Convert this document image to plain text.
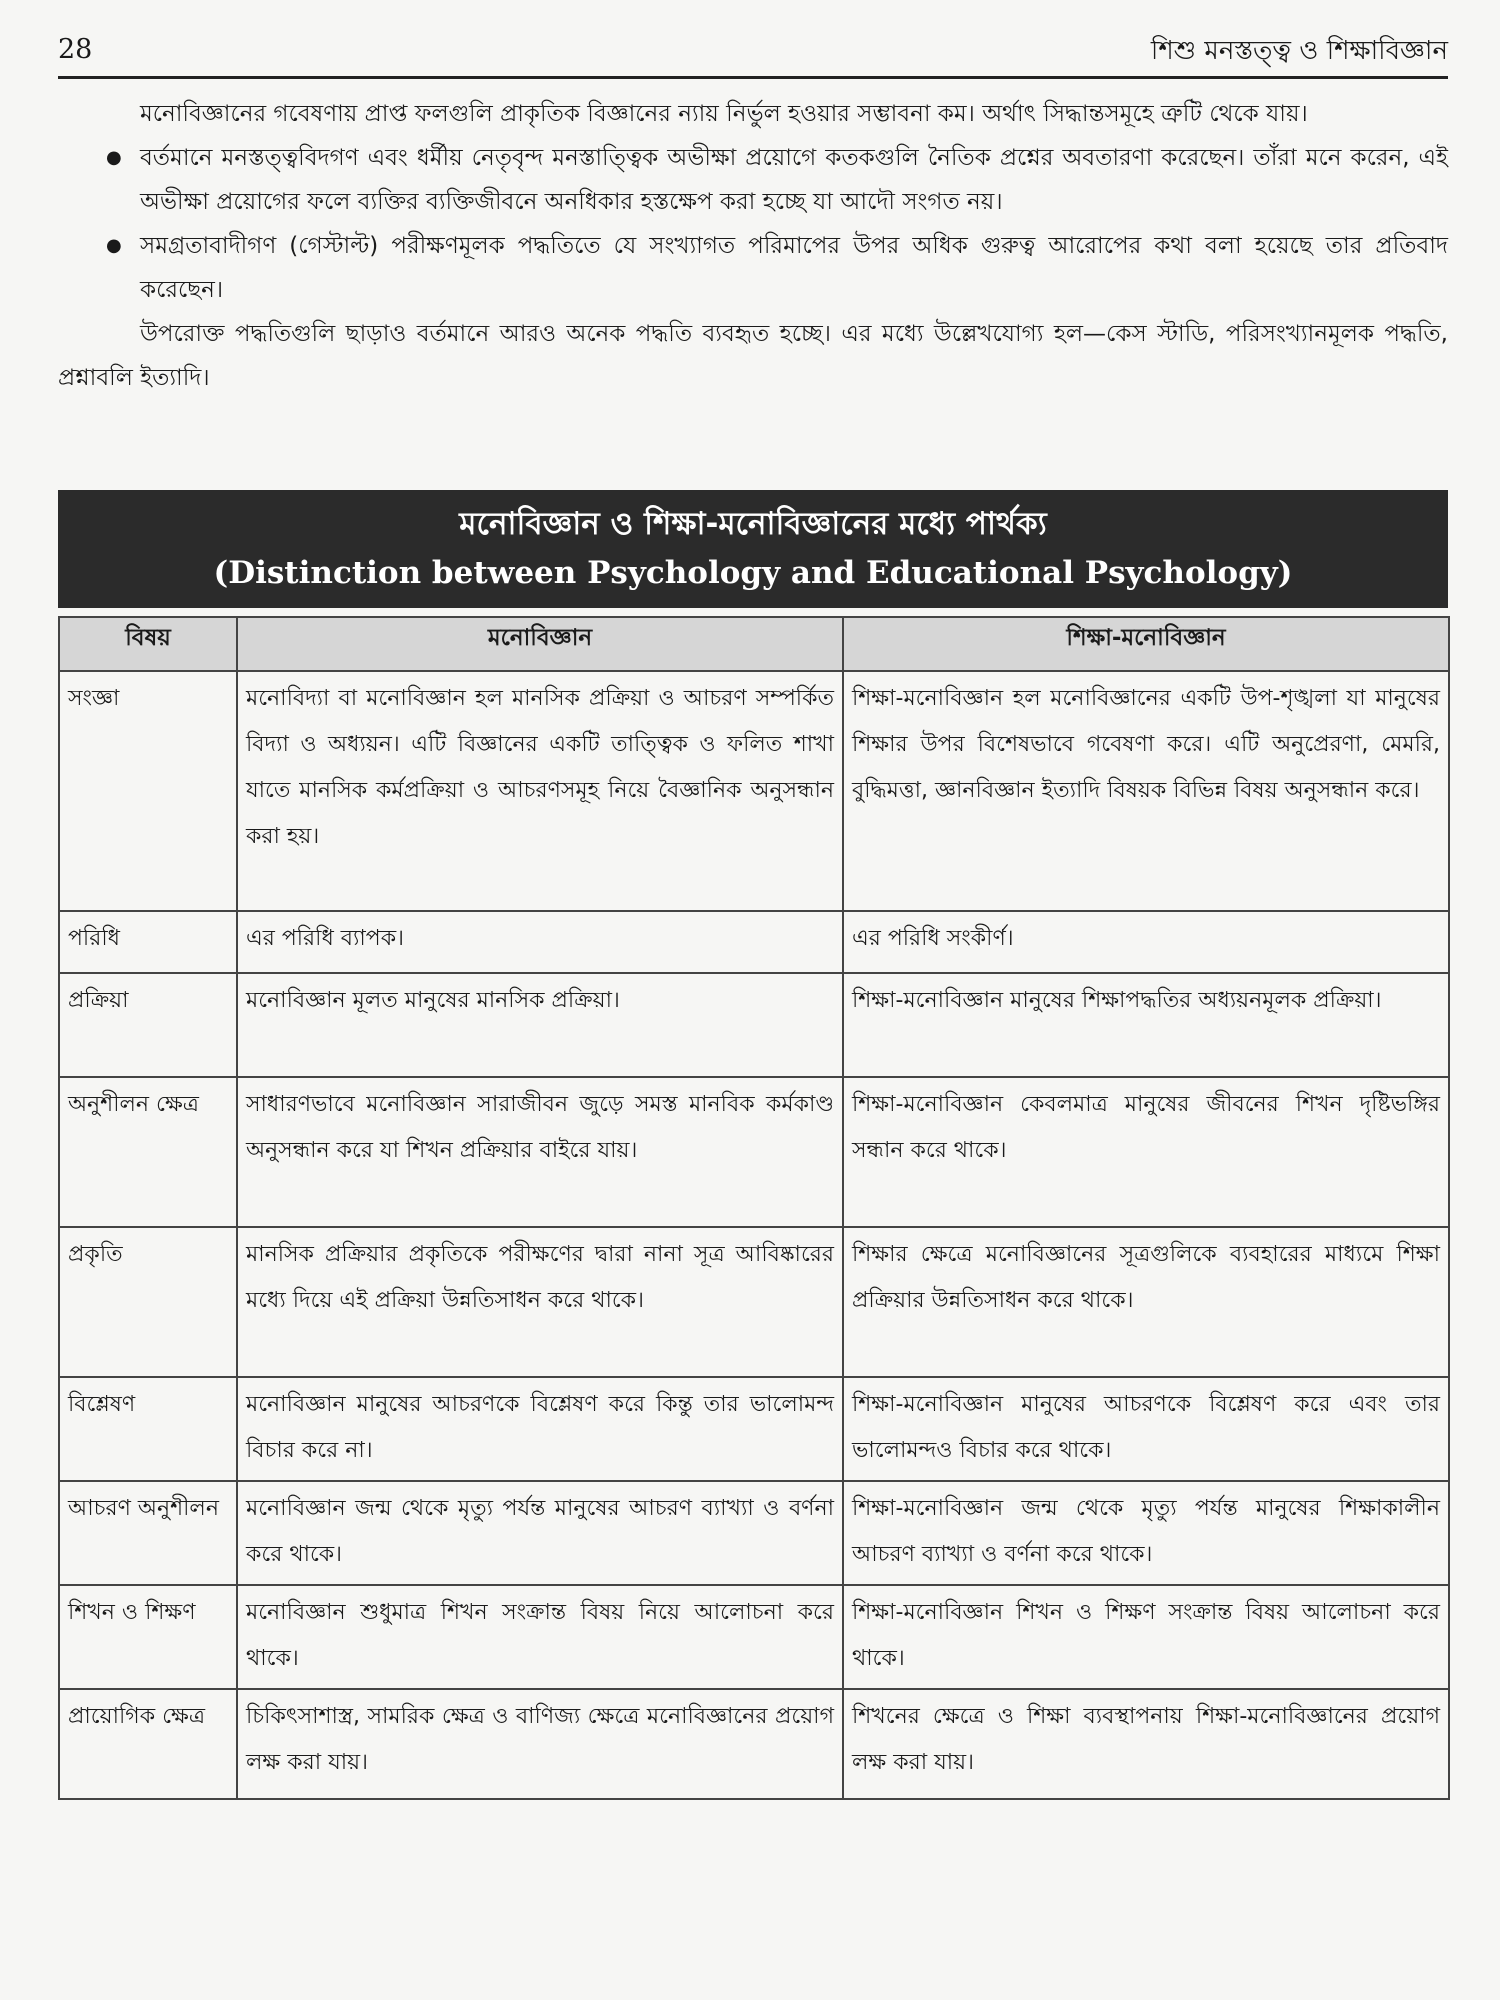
28	শিশু মনস্তত্ত্ব ও শিক্ষাবিজ্ঞান

মনোবিজ্ঞানের গবেষণায় প্রাপ্ত ফলগুলি প্রাকৃতিক বিজ্ঞানের ন্যায় নির্ভুল হওয়ার সম্ভাবনা কম। অর্থাৎ সিদ্ধান্তসমূহে ত্রুটি থেকে যায়।

● বর্তমানে মনস্তত্ত্ববিদগণ এবং ধর্মীয় নেতৃবৃন্দ মনস্তাত্ত্বিক অভীক্ষা প্রয়োগে কতকগুলি নৈতিক প্রশ্নের অবতারণা করেছেন। তাঁরা মনে করেন, এই অভীক্ষা প্রয়োগের ফলে ব্যক্তির ব্যক্তিজীবনে অনধিকার হস্তক্ষেপ করা হচ্ছে যা আদৌ সংগত নয়।
● সমগ্রতাবাদীগণ (গেস্টাল্ট) পরীক্ষণমূলক পদ্ধতিতে যে সংখ্যাগত পরিমাপের উপর অধিক গুরুত্ব আরোপের কথা বলা হয়েছে তার প্রতিবাদ করেছেন।

উপরোক্ত পদ্ধতিগুলি ছাড়াও বর্তমানে আরও অনেক পদ্ধতি ব্যবহৃত হচ্ছে। এর মধ্যে উল্লেখযোগ্য হল—কেস স্টাডি, পরিসংখ্যানমূলক পদ্ধতি, প্রশ্নাবলি ইত্যাদি।

মনোবিজ্ঞান ও শিক্ষা-মনোবিজ্ঞানের মধ্যে পার্থক্য
(Distinction between Psychology and Educational Psychology)
বিষয়	মনোবিজ্ঞান	শিক্ষা-মনোবিজ্ঞান
সংজ্ঞা	মনোবিদ্যা বা মনোবিজ্ঞান হল মানসিক প্রক্রিয়া ও আচরণ সম্পর্কিত বিদ্যা ও অধ্যয়ন। এটি বিজ্ঞানের একটি তাত্ত্বিক ও ফলিত শাখা যাতে মানসিক কর্মপ্রক্রিয়া ও আচরণসমূহ নিয়ে বৈজ্ঞানিক অনুসন্ধান করা হয়।	শিক্ষা-মনোবিজ্ঞান হল মনোবিজ্ঞানের একটি উপ-শৃঙ্খলা যা মানুষের শিক্ষার উপর বিশেষভাবে গবেষণা করে। এটি অনুপ্রেরণা, মেমরি, বুদ্ধিমত্তা, জ্ঞানবিজ্ঞান ইত্যাদি বিষয়ক বিভিন্ন বিষয় অনুসন্ধান করে।
পরিধি	এর পরিধি ব্যাপক।	এর পরিধি সংকীর্ণ।
প্রক্রিয়া	মনোবিজ্ঞান মূলত মানুষের মানসিক প্রক্রিয়া।	শিক্ষা-মনোবিজ্ঞান মানুষের শিক্ষাপদ্ধতির অধ্যয়নমূলক প্রক্রিয়া।
অনুশীলন ক্ষেত্র	সাধারণভাবে মনোবিজ্ঞান সারাজীবন জুড়ে সমস্ত মানবিক কর্মকাণ্ড অনুসন্ধান করে যা শিখন প্রক্রিয়ার বাইরে যায়।	শিক্ষা-মনোবিজ্ঞান কেবলমাত্র মানুষের জীবনের শিখন দৃষ্টিভঙ্গির সন্ধান করে থাকে।
প্রকৃতি	মানসিক প্রক্রিয়ার প্রকৃতিকে পরীক্ষণের দ্বারা নানা সূত্র আবিষ্কারের মধ্যে দিয়ে এই প্রক্রিয়া উন্নতিসাধন করে থাকে।	শিক্ষার ক্ষেত্রে মনোবিজ্ঞানের সূত্রগুলিকে ব্যবহারের মাধ্যমে শিক্ষা প্রক্রিয়ার উন্নতিসাধন করে থাকে।
বিশ্লেষণ	মনোবিজ্ঞান মানুষের আচরণকে বিশ্লেষণ করে কিন্তু তার ভালোমন্দ বিচার করে না।	শিক্ষা-মনোবিজ্ঞান মানুষের আচরণকে বিশ্লেষণ করে এবং তার ভালোমন্দও বিচার করে থাকে।
আচরণ অনুশীলন	মনোবিজ্ঞান জন্ম থেকে মৃত্যু পর্যন্ত মানুষের আচরণ ব্যাখ্যা ও বর্ণনা করে থাকে।	শিক্ষা-মনোবিজ্ঞান জন্ম থেকে মৃত্যু পর্যন্ত মানুষের শিক্ষাকালীন আচরণ ব্যাখ্যা ও বর্ণনা করে থাকে।
শিখন ও শিক্ষণ	মনোবিজ্ঞান শুধুমাত্র শিখন সংক্রান্ত বিষয় নিয়ে আলোচনা করে থাকে।	শিক্ষা-মনোবিজ্ঞান শিখন ও শিক্ষণ সংক্রান্ত বিষয় আলোচনা করে থাকে।
প্রায়োগিক ক্ষেত্র	চিকিৎসাশাস্ত্র, সামরিক ক্ষেত্র ও বাণিজ্য ক্ষেত্রে মনোবিজ্ঞানের প্রয়োগ লক্ষ করা যায়।	শিখনের ক্ষেত্রে ও শিক্ষা ব্যবস্থাপনায় শিক্ষা-মনোবিজ্ঞানের প্রয়োগ লক্ষ করা যায়।
